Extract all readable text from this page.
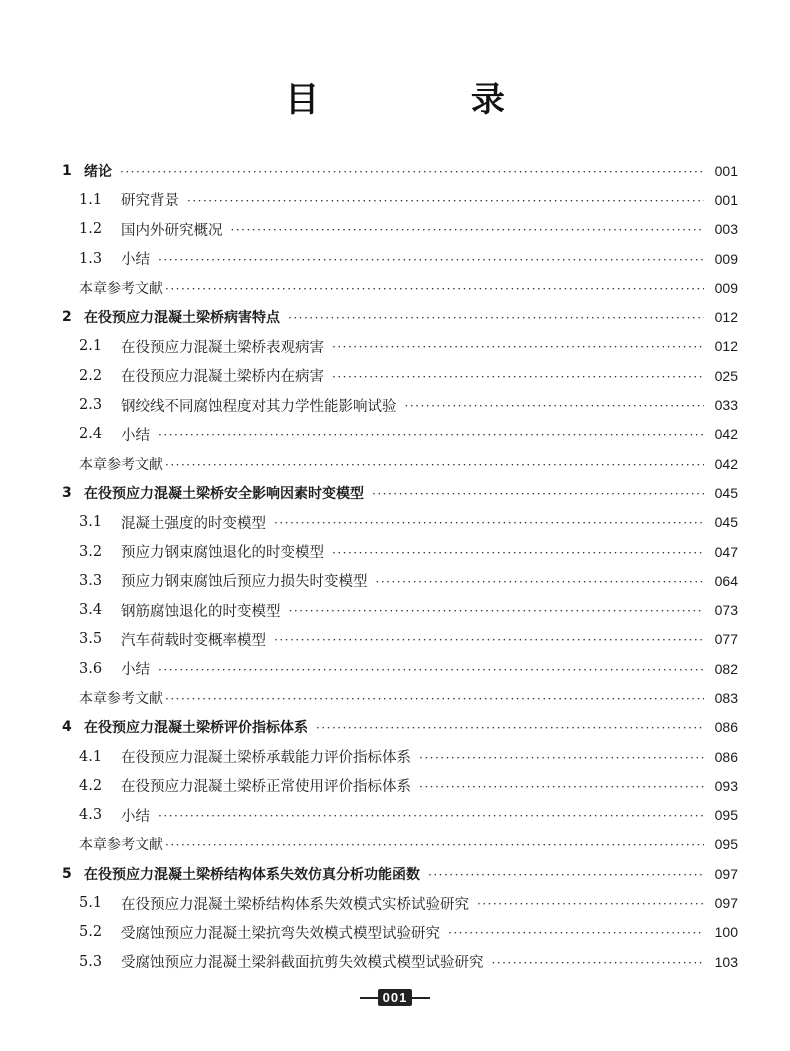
目 录
1 绪论 ·····	001
1.1	研究背景 ·····	001
1.2	国内外研究概况 ·····	003
1.3	小结 ·····	009
本章参考文献 ·····	009
2 在役预应力混凝土梁桥病害特点 ·····	012
2.1	在役预应力混凝土梁桥表观病害 ·····	012
2.2	在役预应力混凝土梁桥内在病害 ·····	025
2.3	钢绞线不同腐蚀程度对其力学性能影响试验 ·····	033
2.4	小结 ·····	042
本章参考文献 ·····	042
3 在役预应力混凝土梁桥安全影响因素时变模型 ·····	045
3.1	混凝土强度的时变模型 ·····	045
3.2	预应力钢束腐蚀退化的时变模型 ·····	047
3.3	预应力钢束腐蚀后预应力损失时变模型 ·····	064
3.4	钢筋腐蚀退化的时变模型 ·····	073
3.5	汽车荷载时变概率模型 ·····	077
3.6	小结 ·····	082
本章参考文献 ·····	083
4 在役预应力混凝土梁桥评价指标体系 ·····	086
4.1	在役预应力混凝土梁桥承载能力评价指标体系 ·····	086
4.2	在役预应力混凝土梁桥正常使用评价指标体系 ·····	093
4.3	小结 ·····	095
本章参考文献 ·····	095
5 在役预应力混凝土梁桥结构体系失效仿真分析功能函数 ·····	097
5.1	在役预应力混凝土梁桥结构体系失效模式实桥试验研究 ·····	097
5.2	受腐蚀预应力混凝土梁抗弯失效模式模型试验研究 ·····	100
5.3	受腐蚀预应力混凝土梁斜截面抗剪失效模式模型试验研究 ·····	103
001
